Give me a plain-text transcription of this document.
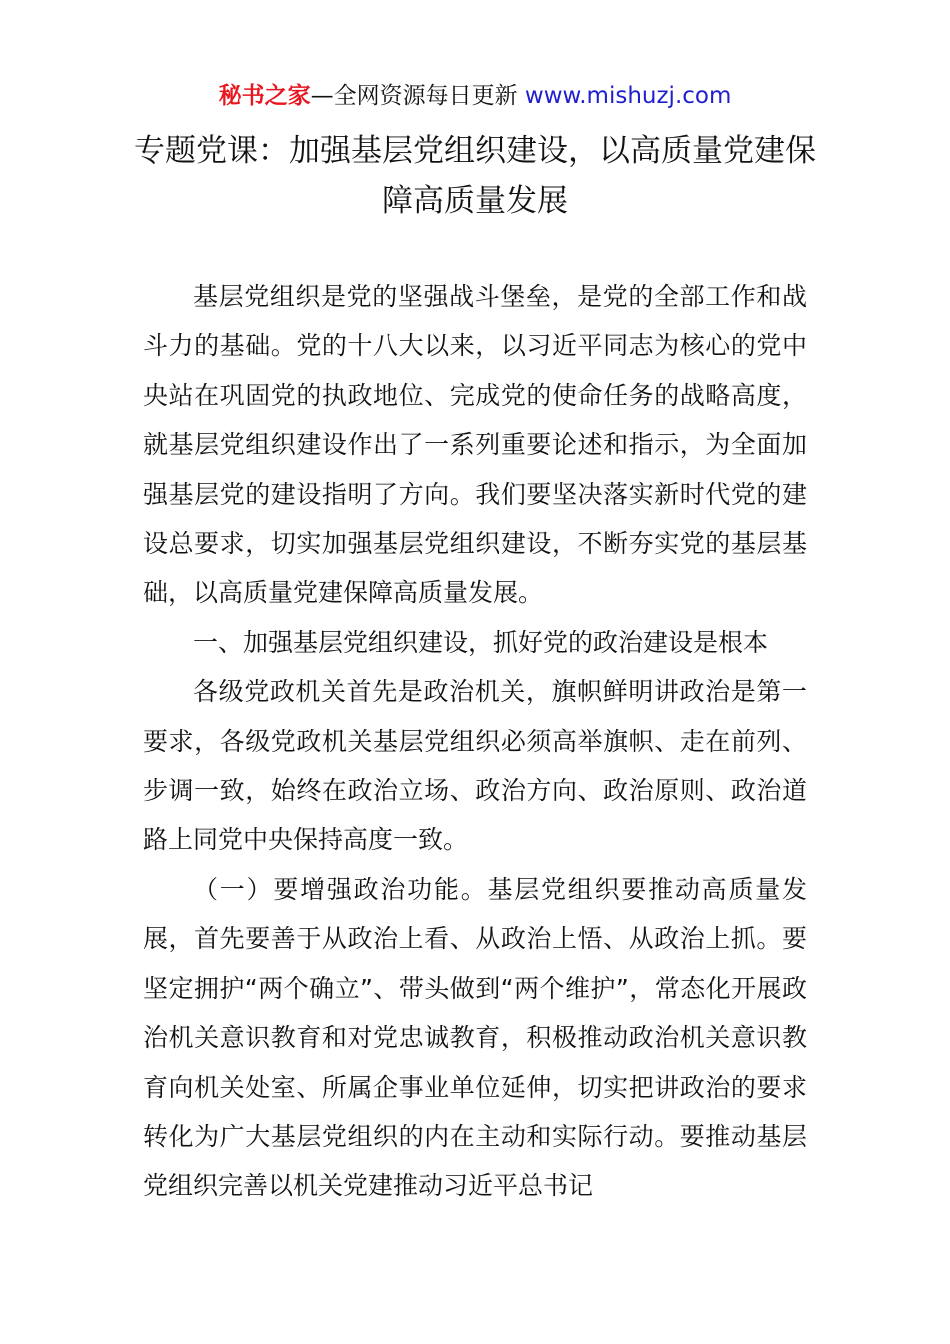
秘书之家—全网资源每日更新 www.mishuzj.com
专题党课：加强基层党组织建设，以高质量党建保障高质量发展

基层党组织是党的坚强战斗堡垒，是党的全部工作和战斗力的基础。党的十八大以来，以习近平同志为核心的党中央站在巩固党的执政地位、完成党的使命任务的战略高度，就基层党组织建设作出了一系列重要论述和指示，为全面加强基层党的建设指明了方向。我们要坚决落实新时代党的建设总要求，切实加强基层党组织建设，不断夯实党的基层基础，以高质量党建保障高质量发展。

一、加强基层党组织建设，抓好党的政治建设是根本

各级党政机关首先是政治机关，旗帜鲜明讲政治是第一要求，各级党政机关基层党组织必须高举旗帜、走在前列、步调一致，始终在政治立场、政治方向、政治原则、政治道路上同党中央保持高度一致。

（一）要增强政治功能。基层党组织要推动高质量发展，首先要善于从政治上看、从政治上悟、从政治上抓。要坚定拥护“两个确立”、带头做到“两个维护”，常态化开展政治机关意识教育和对党忠诚教育，积极推动政治机关意识教育向机关处室、所属企事业单位延伸，切实把讲政治的要求转化为广大基层党组织的内在主动和实际行动。要推动基层党组织完善以机关党建推动习近平总书记
